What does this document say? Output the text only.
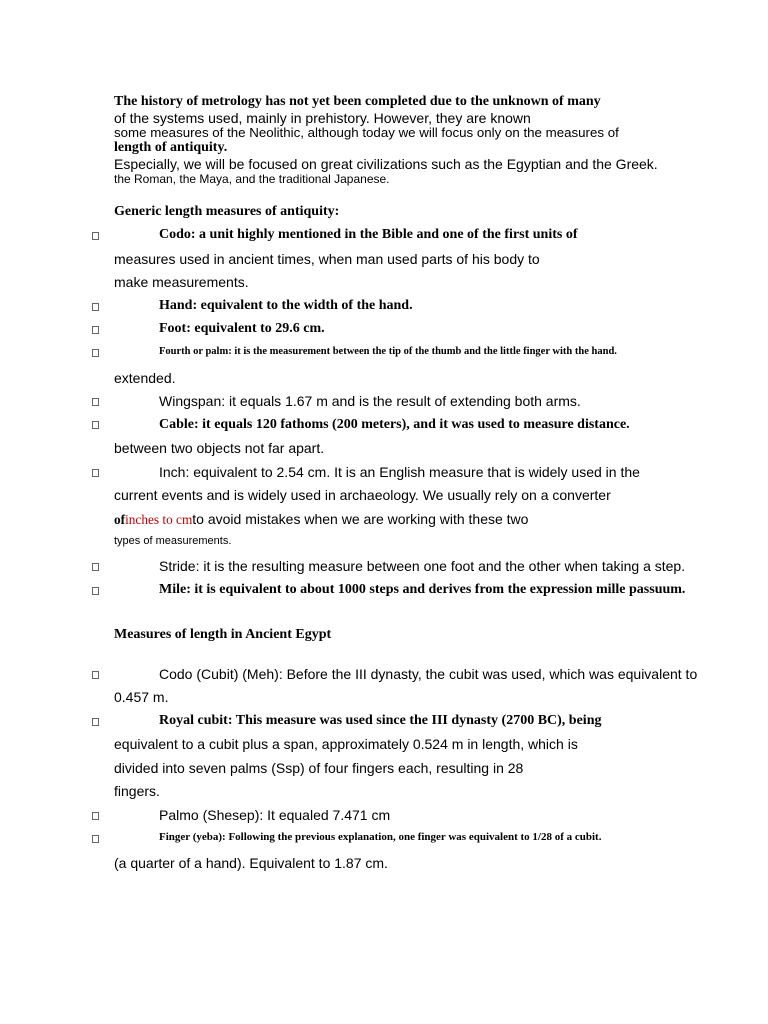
The history of metrology has not yet been completed due to the unknown of many
of the systems used, mainly in prehistory. However, they are known
some measures of the Neolithic, although today we will focus only on the measures of
length of antiquity.
Especially, we will be focused on great civilizations such as the Egyptian and the Greek.
the Roman, the Maya, and the traditional Japanese.
Generic length measures of antiquity:
Codo: a unit highly mentioned in the Bible and one of the first units of
measures used in ancient times, when man used parts of his body to
make measurements.
Hand: equivalent to the width of the hand.
Foot: equivalent to 29.6 cm.
Fourth or palm: it is the measurement between the tip of the thumb and the little finger with the hand.
extended.
Wingspan: it equals 1.67 m and is the result of extending both arms.
Cable: it equals 120 fathoms (200 meters), and it was used to measure distance.
between two objects not far apart.
Inch: equivalent to 2.54 cm. It is an English measure that is widely used in the
current events and is widely used in archaeology. We usually rely on a converter
ofinches to cmto avoid mistakes when we are working with these two
types of measurements.
Stride: it is the resulting measure between one foot and the other when taking a step.
Mile: it is equivalent to about 1000 steps and derives from the expression mille passuum.
Measures of length in Ancient Egypt
Codo (Cubit) (Meh): Before the III dynasty, the cubit was used, which was equivalent to
0.457 m.
Royal cubit: This measure was used since the III dynasty (2700 BC), being
equivalent to a cubit plus a span, approximately 0.524 m in length, which is
divided into seven palms (Ssp) of four fingers each, resulting in 28
fingers.
Palmo (Shesep): It equaled 7.471 cm
Finger (yeba): Following the previous explanation, one finger was equivalent to 1/28 of a cubit.
(a quarter of a hand). Equivalent to 1.87 cm.
